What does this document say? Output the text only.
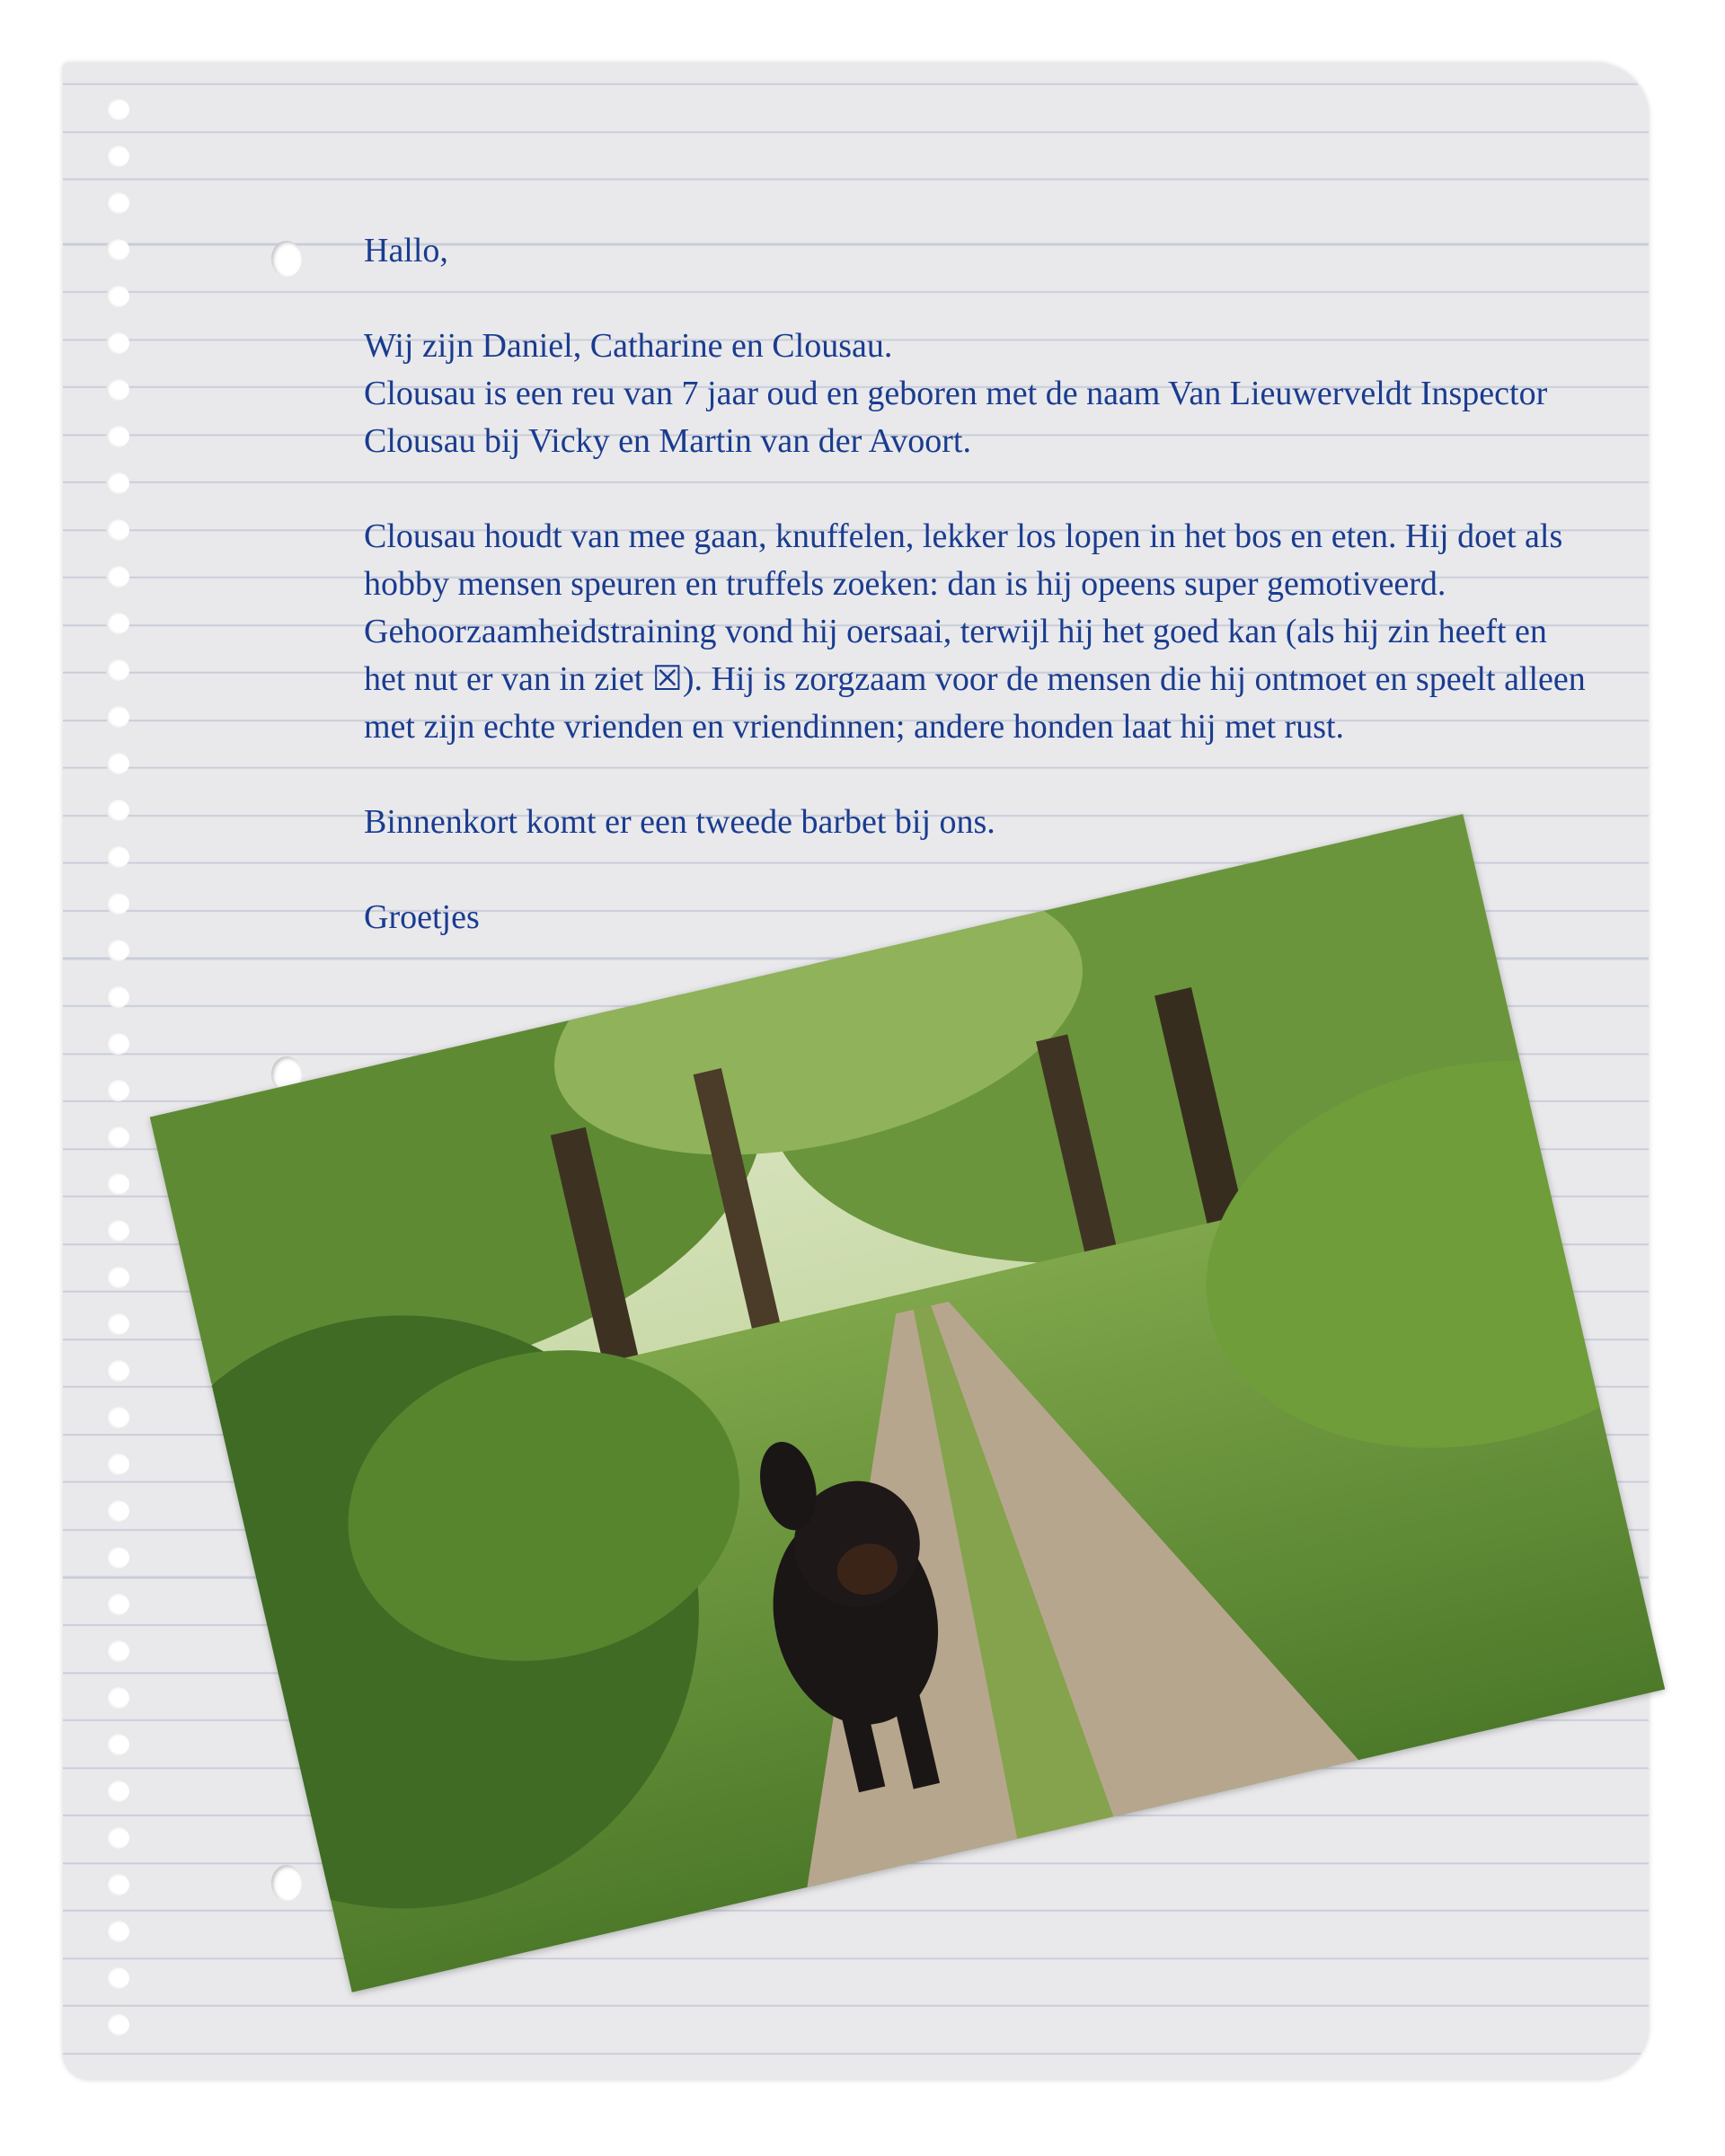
Hallo,

Wij zijn Daniel, Catharine en Clousau.
Clousau is een reu van 7 jaar oud en geboren met de naam Van Lieuwerveldt Inspector Clousau bij Vicky en Martin van der Avoort.

Clousau houdt van mee gaan, knuffelen, lekker los lopen in het bos en eten. Hij doet als hobby mensen speuren en truffels zoeken: dan is hij opeens super gemotiveerd. Gehoorzaamheidstraining vond hij oersaai, terwijl hij het goed kan (als hij zin heeft en het nut er van in ziet ☒). Hij is zorgzaam voor de mensen die hij ontmoet en speelt alleen met zijn echte vrienden en vriendinnen; andere honden laat hij met rust.

Binnenkort komt er een tweede barbet bij ons.

Groetjes
